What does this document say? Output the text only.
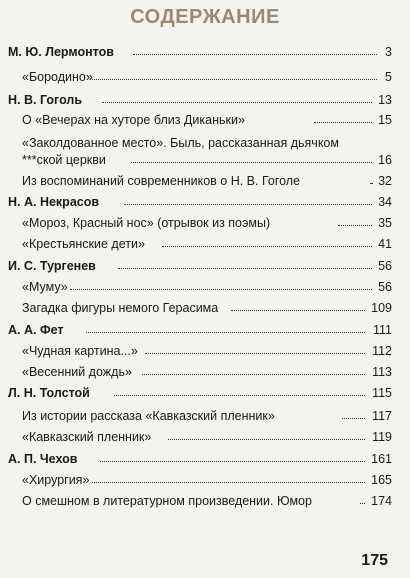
СОДЕРЖАНИЕ
М. Ю. Лермонтов	3
«Бородино»	5
Н. В. Гоголь	13
О «Вечерах на хуторе близ Диканьки»	15
«Заколдованное место». Быль, рассказанная дьячком
***ской церкви	16
Из воспоминаний современников о Н. В. Гоголе	32
Н. А. Некрасов	34
«Мороз, Красный нос» (отрывок из поэмы)	35
«Крестьянские дети»	41
И. С. Тургенев	56
«Муму»	56
Загадка фигуры немого Герасима	109
А. А. Фет	111
«Чудная картина...»	112
«Весенний дождь»	113
Л. Н. Толстой	115
Из истории рассказа «Кавказский пленник»	117
«Кавказский пленник»	119
А. П. Чехов	161
«Хирургия»	165
О смешном в литературном произведении. Юмор	174
175
